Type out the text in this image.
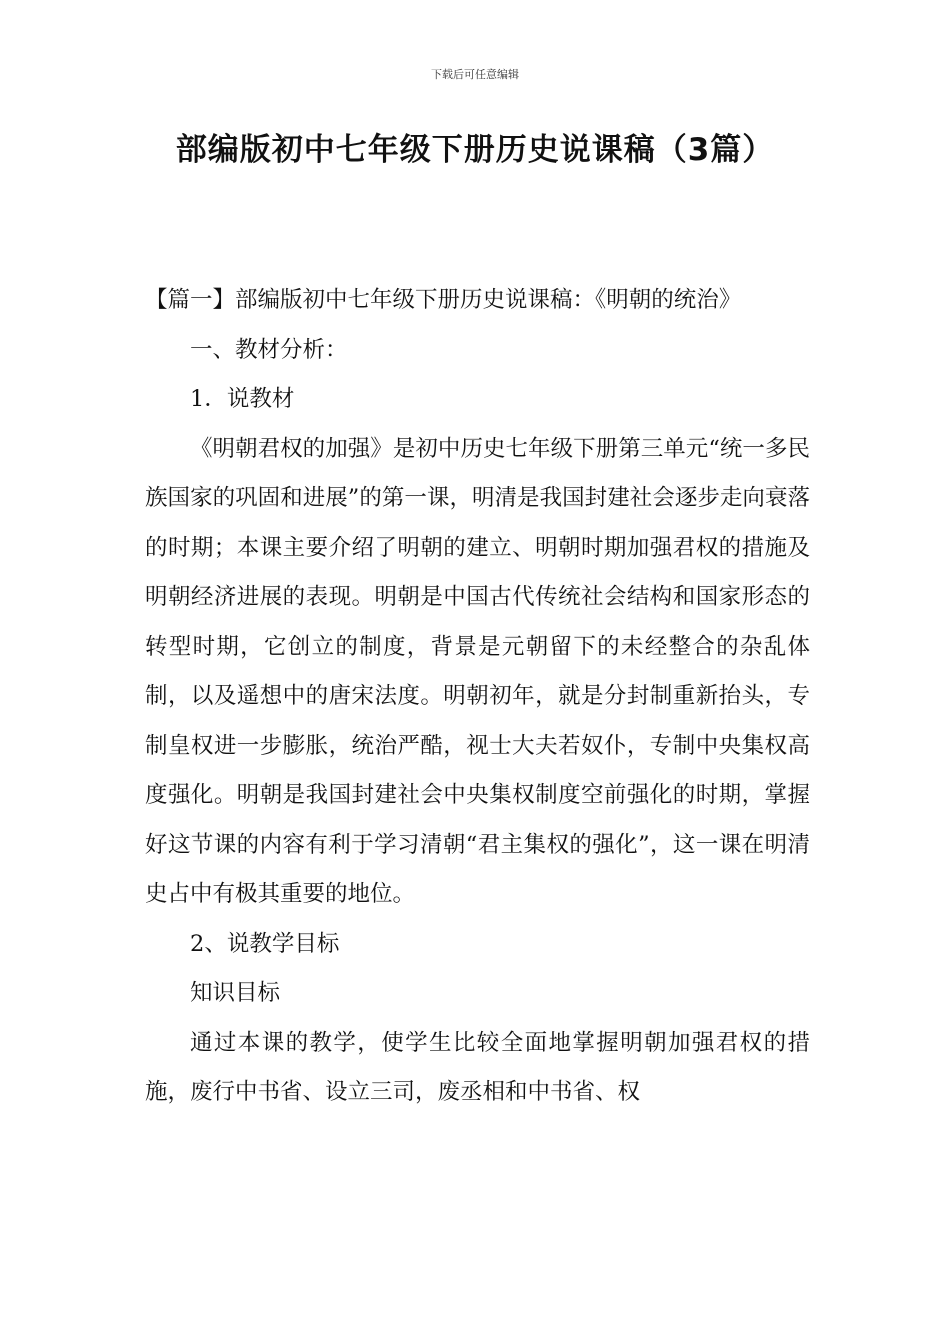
下载后可任意编辑
部编版初中七年级下册历史说课稿（3篇）

【篇一】部编版初中七年级下册历史说课稿：《明朝的统治》

一、教材分析：

1．说教材

《明朝君权的加强》是初中历史七年级下册第三单元“统一多民族国家的巩固和进展”的第一课，明清是我国封建社会逐步走向衰落的时期；本课主要介绍了明朝的建立、明朝时期加强君权的措施及明朝经济进展的表现。明朝是中国古代传统社会结构和国家形态的转型时期，它创立的制度，背景是元朝留下的未经整合的杂乱体制，以及遥想中的唐宋法度。明朝初年，就是分封制重新抬头，专制皇权进一步膨胀，统治严酷，视士大夫若奴仆，专制中央集权高度强化。明朝是我国封建社会中央集权制度空前强化的时期，掌握好这节课的内容有利于学习清朝“君主集权的强化”，这一课在明清史占中有极其重要的地位。

2、说教学目标

知识目标

通过本课的教学，使学生比较全面地掌握明朝加强君权的措施，废行中书省、设立三司，废丞相和中书省、权
